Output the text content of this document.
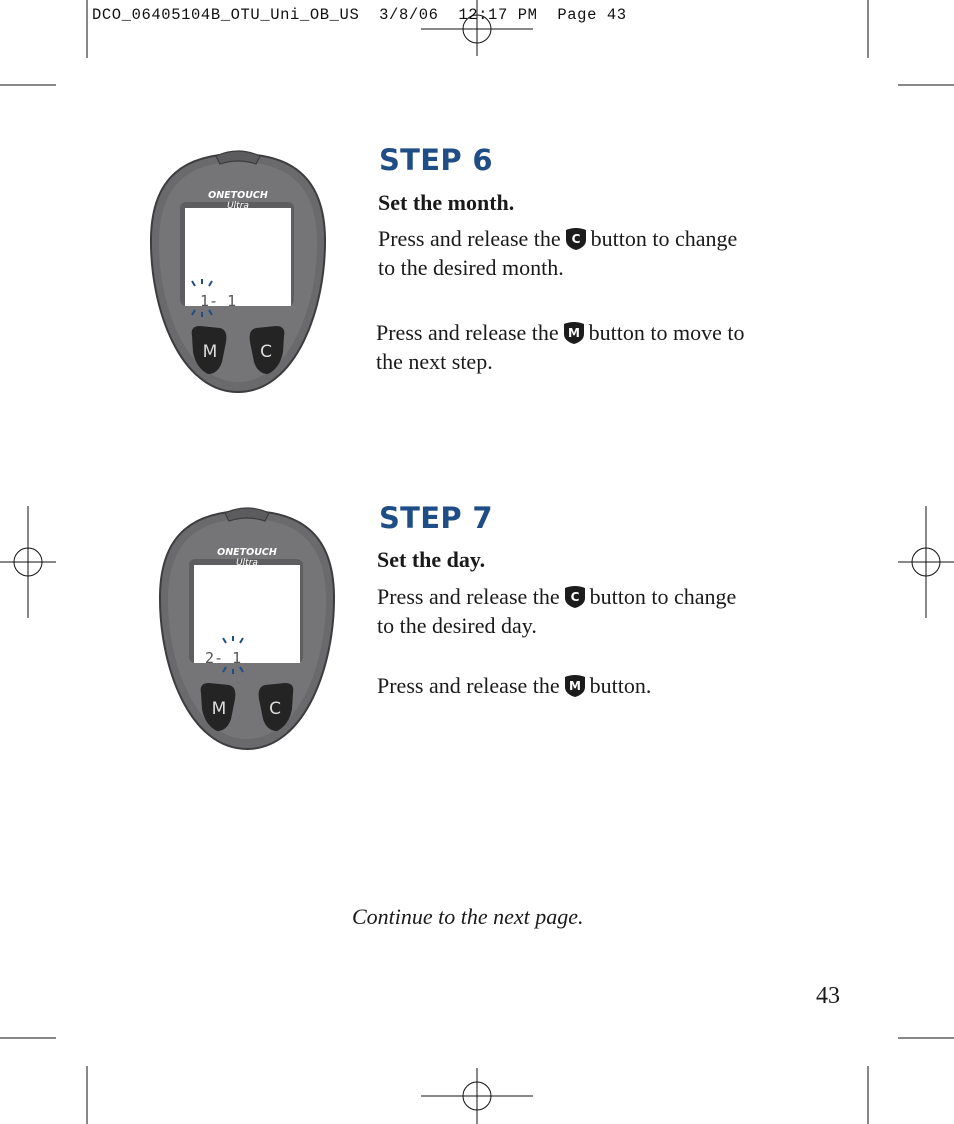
DCO_06405104B_OTU_Uni_OB_US  3/8/06  12:17 PM  Page 43
ONETOUCH
Ultra
1- 1
M	C
STEP 6

Set the month.

Press and release the C button to change
to the desired month.

Press and release the M button to move to
the next step.

ONETOUCH
Ultra
2- 1
M	C
STEP 7

Set the day.

Press and release the C button to change
to the desired day.

Press and release the M button.

Continue to the next page.
43
